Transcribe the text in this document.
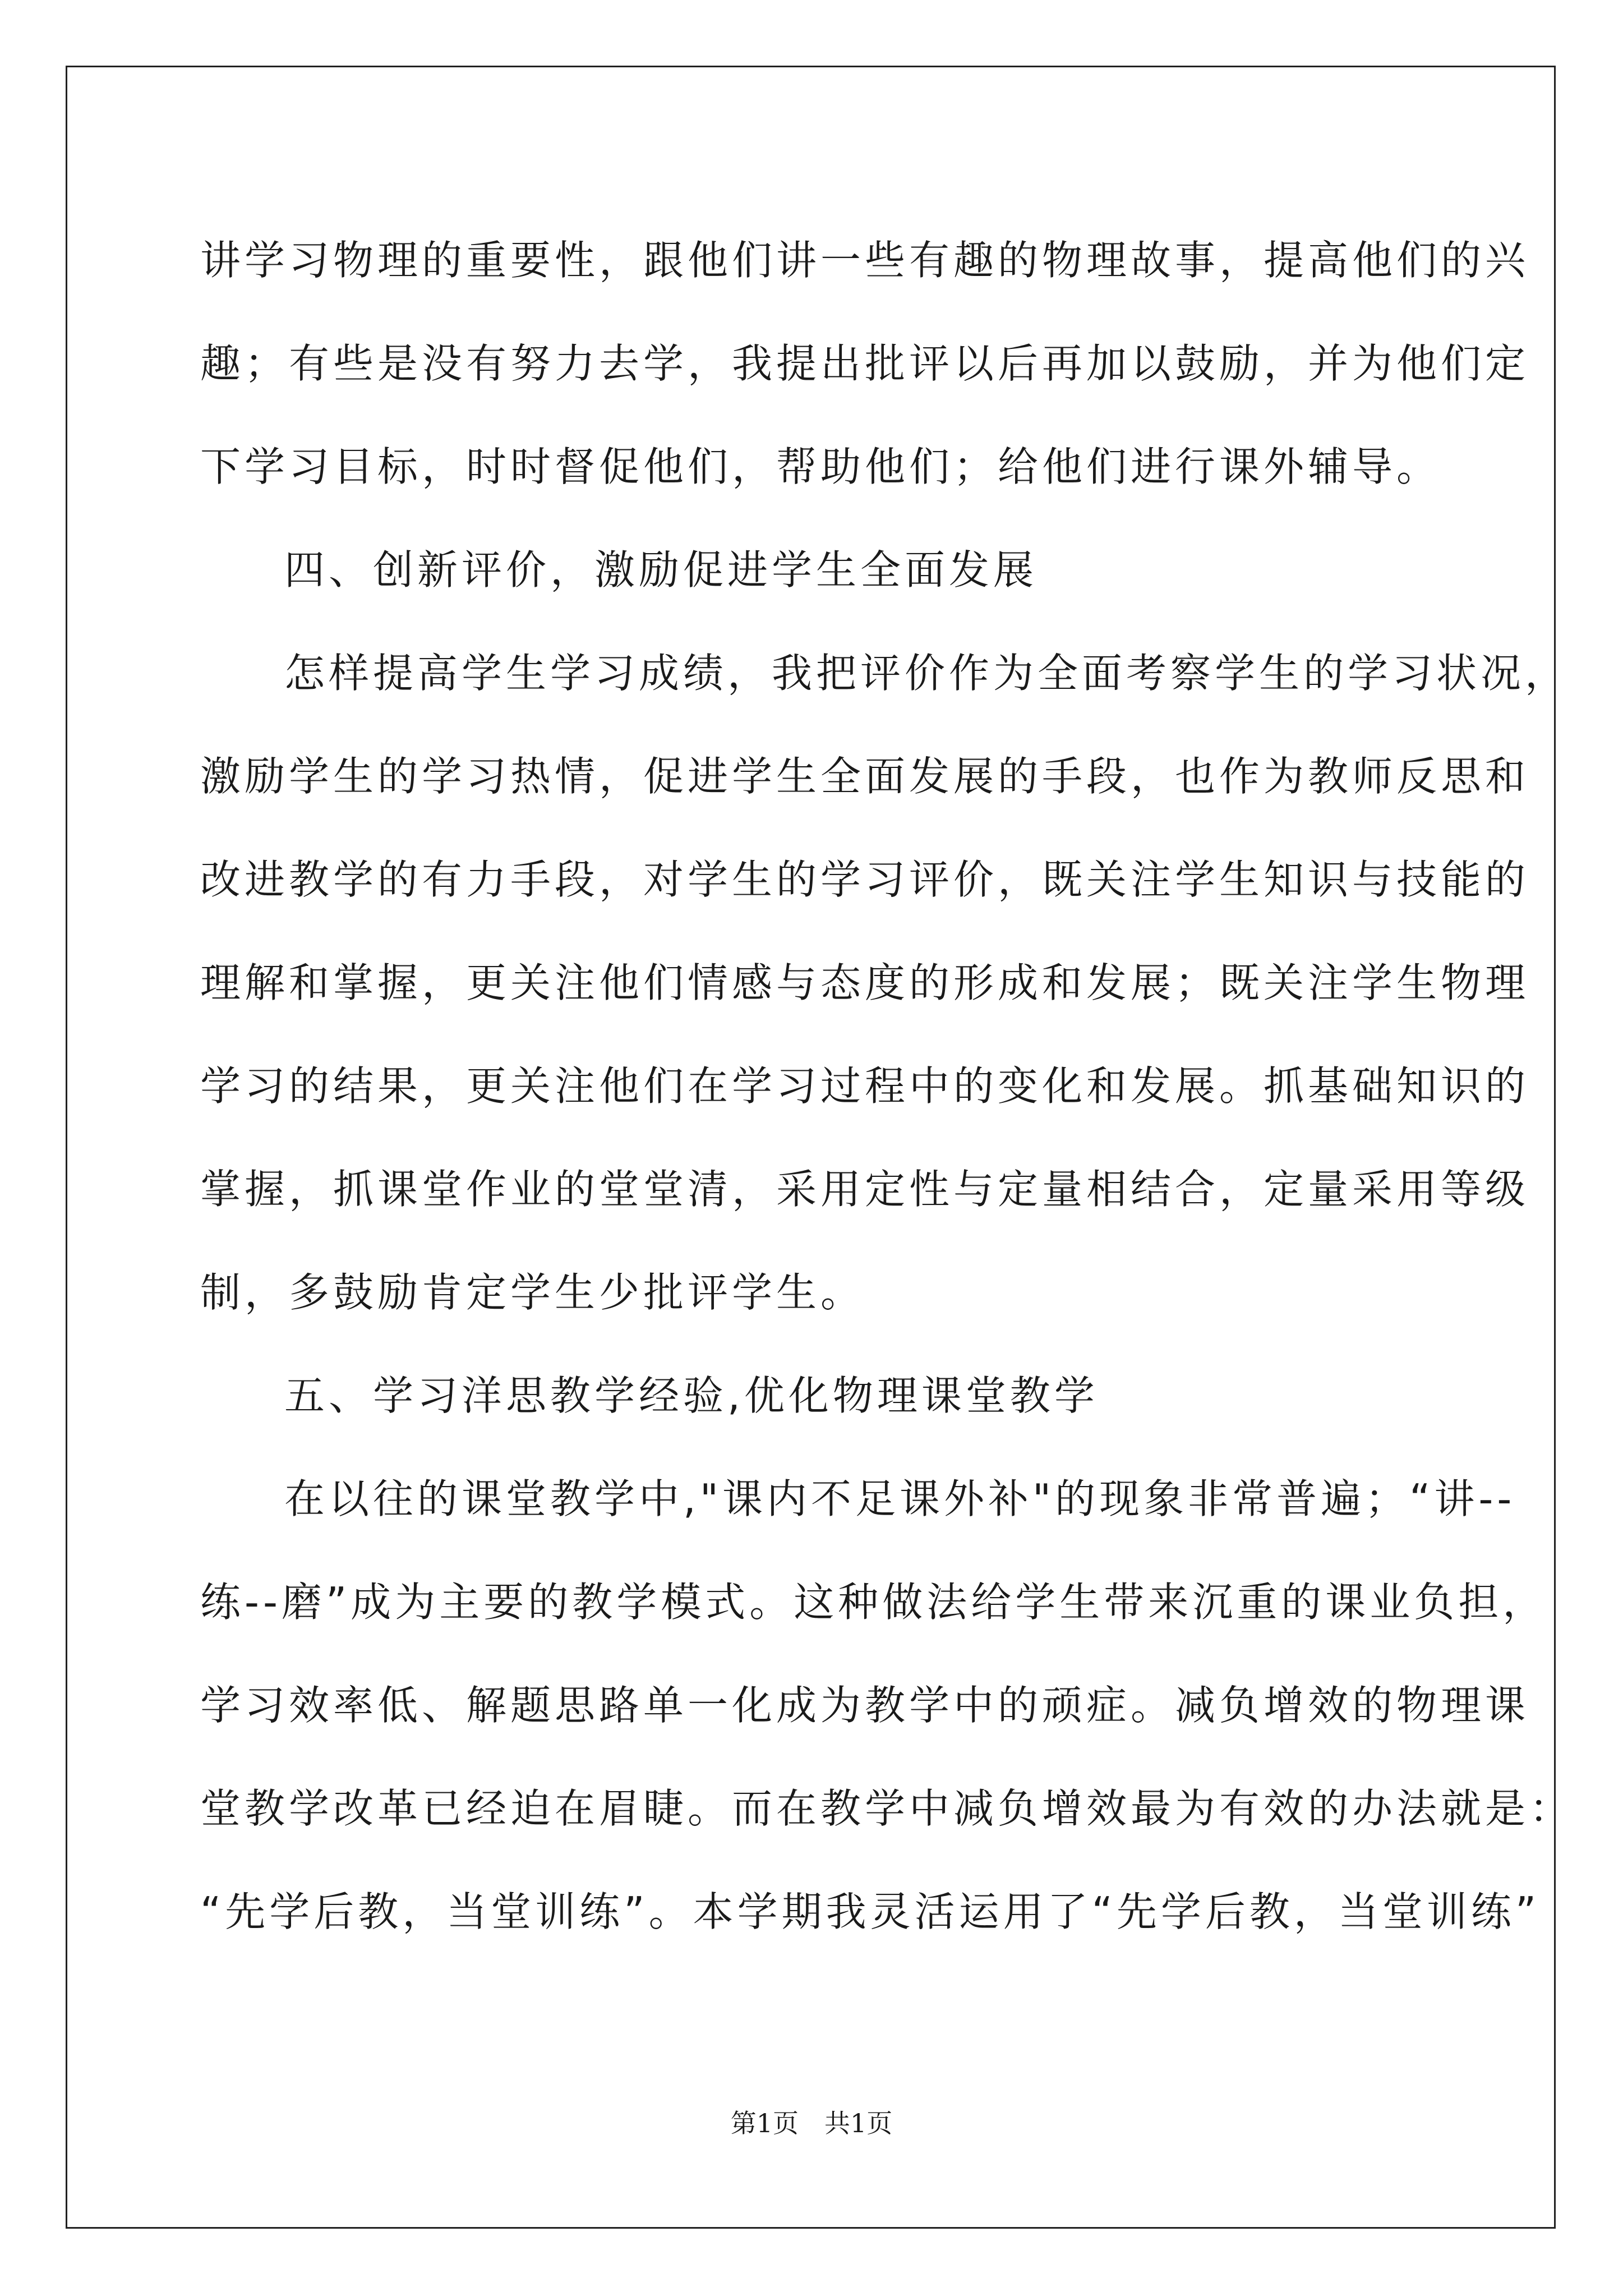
讲学习物理的重要性，跟他们讲一些有趣的物理故事，提高他们的兴
趣；有些是没有努力去学，我提出批评以后再加以鼓励，并为他们定
下学习目标，时时督促他们，帮助他们；给他们进行课外辅导。
四、创新评价，激励促进学生全面发展
怎样提高学生学习成绩，我把评价作为全面考察学生的学习状况，
激励学生的学习热情，促进学生全面发展的手段，也作为教师反思和
改进教学的有力手段，对学生的学习评价，既关注学生知识与技能的
理解和掌握，更关注他们情感与态度的形成和发展；既关注学生物理
学习的结果，更关注他们在学习过程中的变化和发展。抓基础知识的
掌握，抓课堂作业的堂堂清，采用定性与定量相结合，定量采用等级
制，多鼓励肯定学生少批评学生。
五、学习洋思教学经验,优化物理课堂教学
在以往的课堂教学中,"课内不足课外补"的现象非常普遍；“讲--
练--磨”成为主要的教学模式。这种做法给学生带来沉重的课业负担，
学习效率低、解题思路单一化成为教学中的顽症。减负增效的物理课
堂教学改革已经迫在眉睫。而在教学中减负增效最为有效的办法就是：
“先学后教，当堂训练”。本学期我灵活运用了“先学后教，当堂训练”
第1页　共1页
